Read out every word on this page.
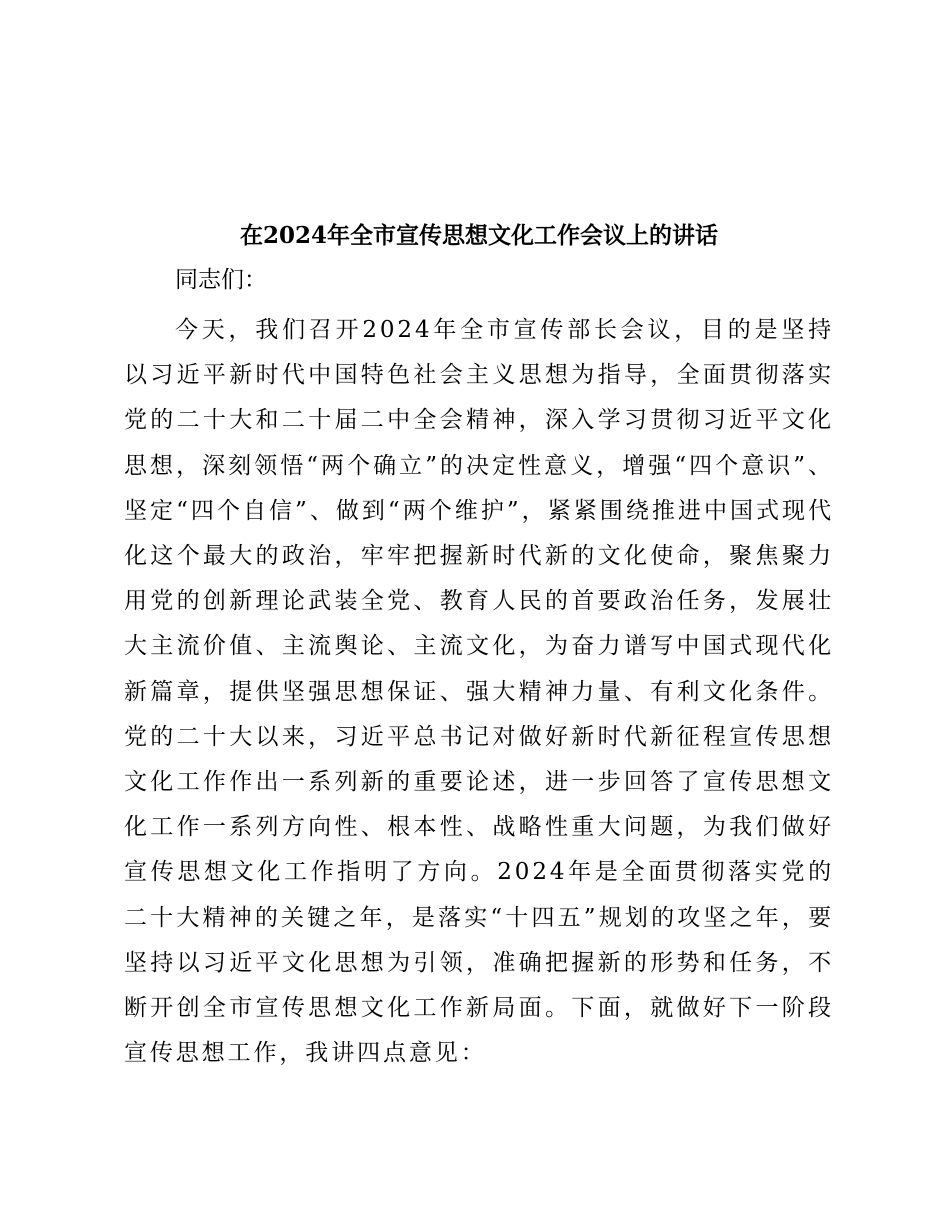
在2024年全市宣传思想文化工作会议上的讲话

同志们：

今天，我们召开2024年全市宣传部长会议，目的是坚持以习近平新时代中国特色社会主义思想为指导，全面贯彻落实党的二十大和二十届二中全会精神，深入学习贯彻习近平文化思想，深刻领悟“两个确立”的决定性意义，增强“四个意识”、坚定“四个自信”、做到“两个维护”，紧紧围绕推进中国式现代化这个最大的政治，牢牢把握新时代新的文化使命，聚焦聚力用党的创新理论武装全党、教育人民的首要政治任务，发展壮大主流价值、主流舆论、主流文化，为奋力谱写中国式现代化新篇章，提供坚强思想保证、强大精神力量、有利文化条件。党的二十大以来，习近平总书记对做好新时代新征程宣传思想文化工作作出一系列新的重要论述，进一步回答了宣传思想文化工作一系列方向性、根本性、战略性重大问题，为我们做好宣传思想文化工作指明了方向。2024年是全面贯彻落实党的二十大精神的关键之年，是落实“十四五”规划的攻坚之年，要坚持以习近平文化思想为引领，准确把握新的形势和任务，不断开创全市宣传思想文化工作新局面。下面，就做好下一阶段宣传思想工作，我讲四点意见：
